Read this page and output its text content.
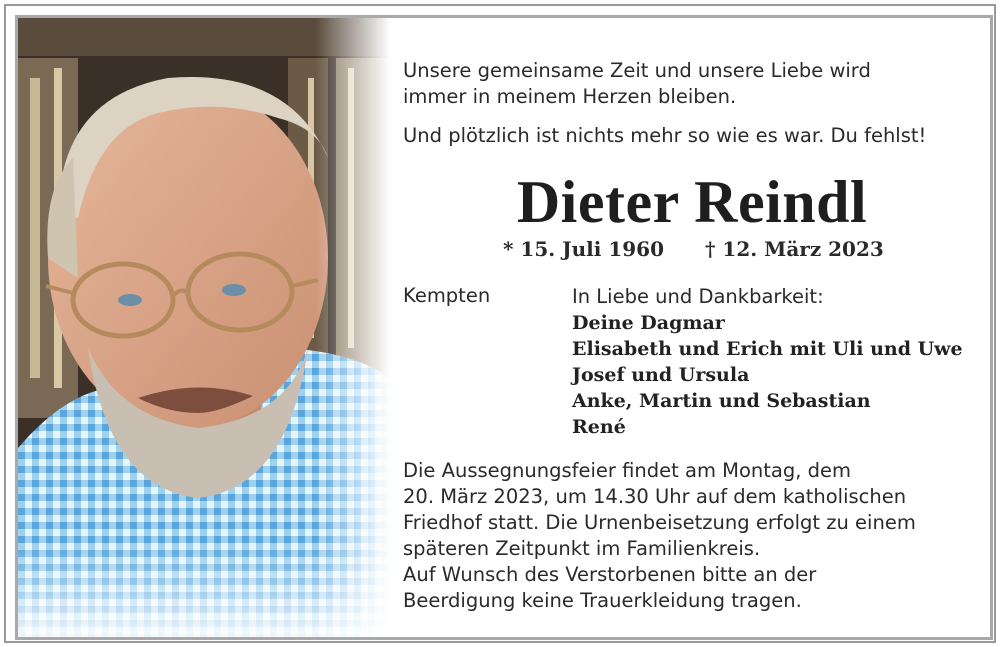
Unsere gemeinsame Zeit und unsere Liebe wird
immer in meinem Herzen bleiben.
Und plötzlich ist nichts mehr so wie es war. Du fehlst!
Dieter Reindl
* 15. Juli 1960 † 12. März 2023
Kempten	In Liebe und Dankbarkeit:
Deine Dagmar
Elisabeth und Erich mit Uli und Uwe
Josef und Ursula
Anke, Martin und Sebastian
René
Die Aussegnungsfeier findet am Montag, dem
20. März 2023, um 14.30 Uhr auf dem katholischen
Friedhof statt. Die Urnenbeisetzung erfolgt zu einem
späteren Zeitpunkt im Familienkreis.
Auf Wunsch des Verstorbenen bitte an der
Beerdigung keine Trauerkleidung tragen.
